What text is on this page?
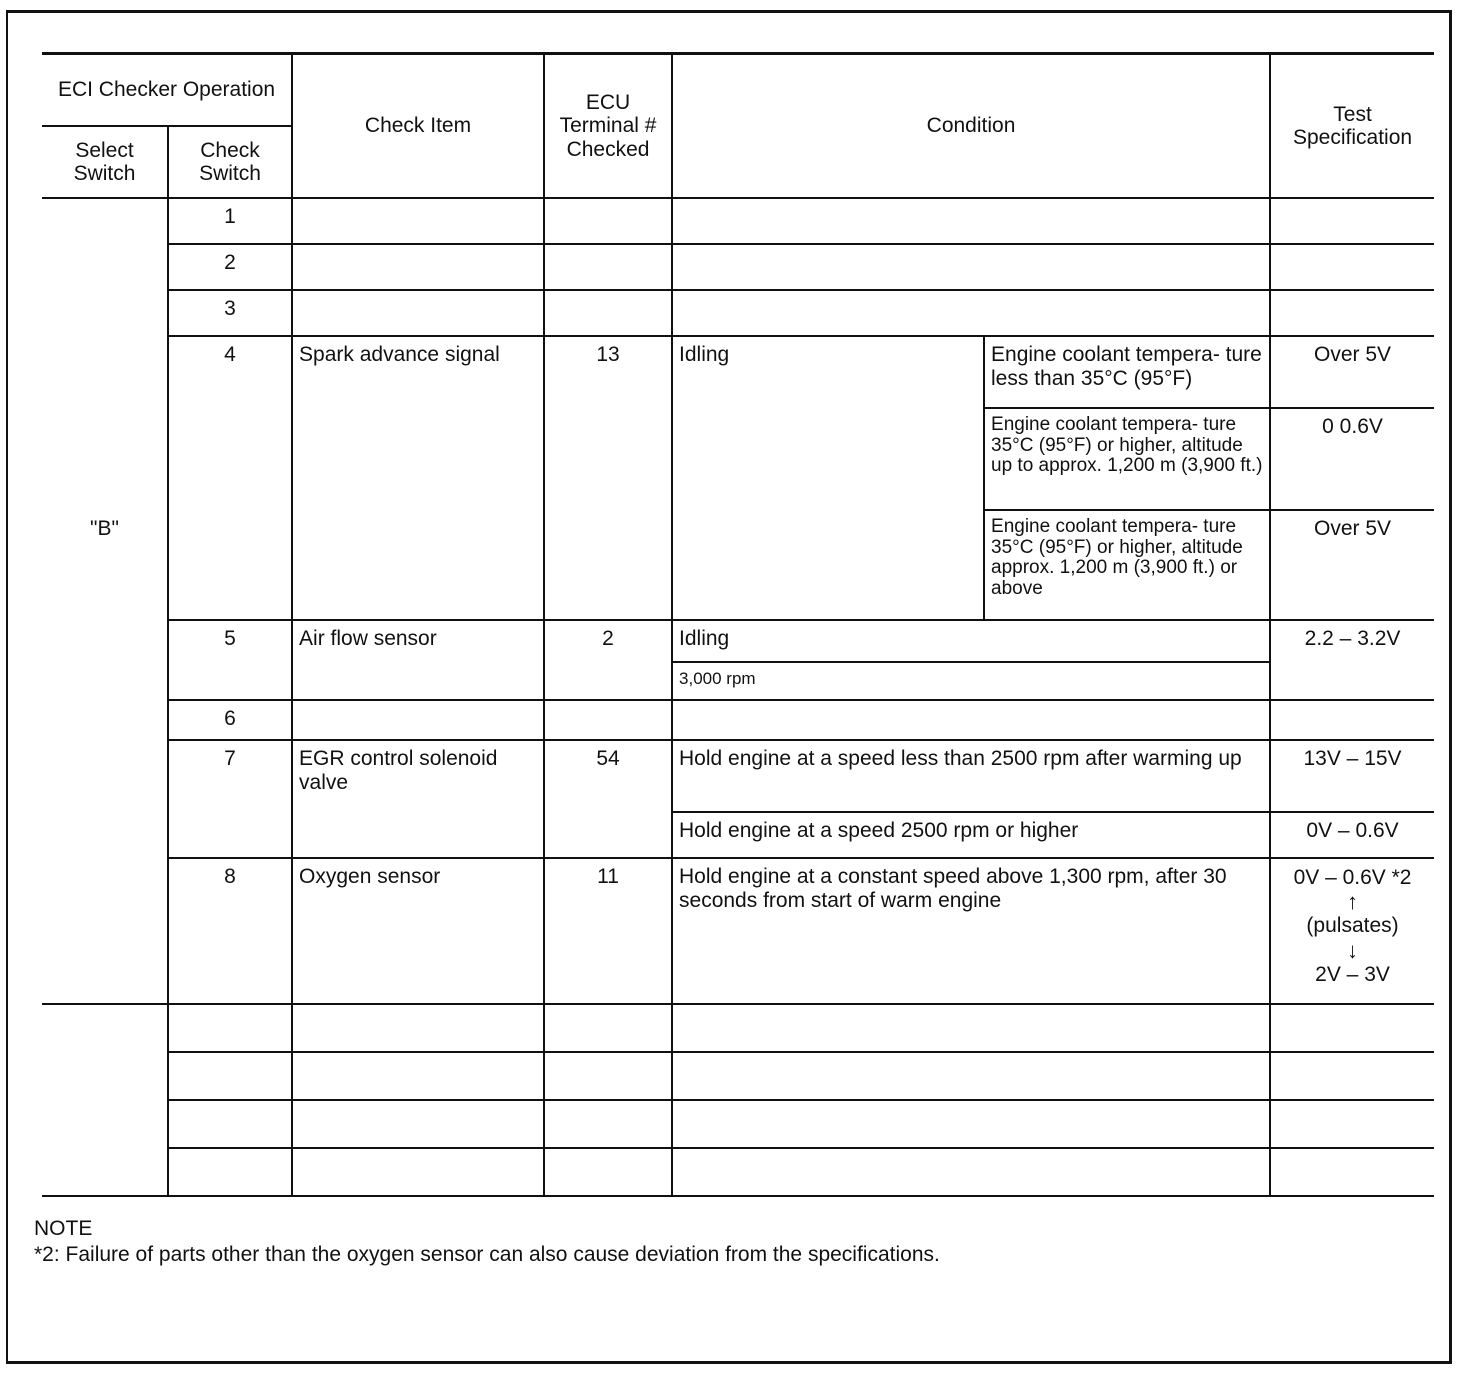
ECI Checker Operation		Check Item	ECU Terminal # Checked	Condition		Test Specification
Select Switch	Check Switch					
"B"	1					
	2					
	3					
	4	Spark advance signal	13	Idling	Engine coolant tempera- ture less than 35°C (95°F)	Over 5V
					Engine coolant tempera- ture 35°C (95°F) or higher, altitude up to approx. 1,200 m (3,900 ft.)	0 0.6V
					Engine coolant tempera- ture 35°C (95°F) or higher, altitude approx. 1,200 m (3,900 ft.) or above	Over 5V
	5	Air flow sensor	2	Idling		2.2 – 3.2V
				3,000 rpm		
	6					
	7	EGR control solenoid valve	54	Hold engine at a speed less than 2500 rpm after warming up		13V – 15V
				Hold engine at a speed 2500 rpm or higher		0V – 0.6V
	8	Oxygen sensor	11	Hold engine at a constant speed above 1,300 rpm, after 30 seconds from start of warm engine		0V – 0.6V *2
↑
(pulsates)
↓
2V – 3V

NOTE
*2: Failure of parts other than the oxygen sensor can also cause deviation from the specifications.
